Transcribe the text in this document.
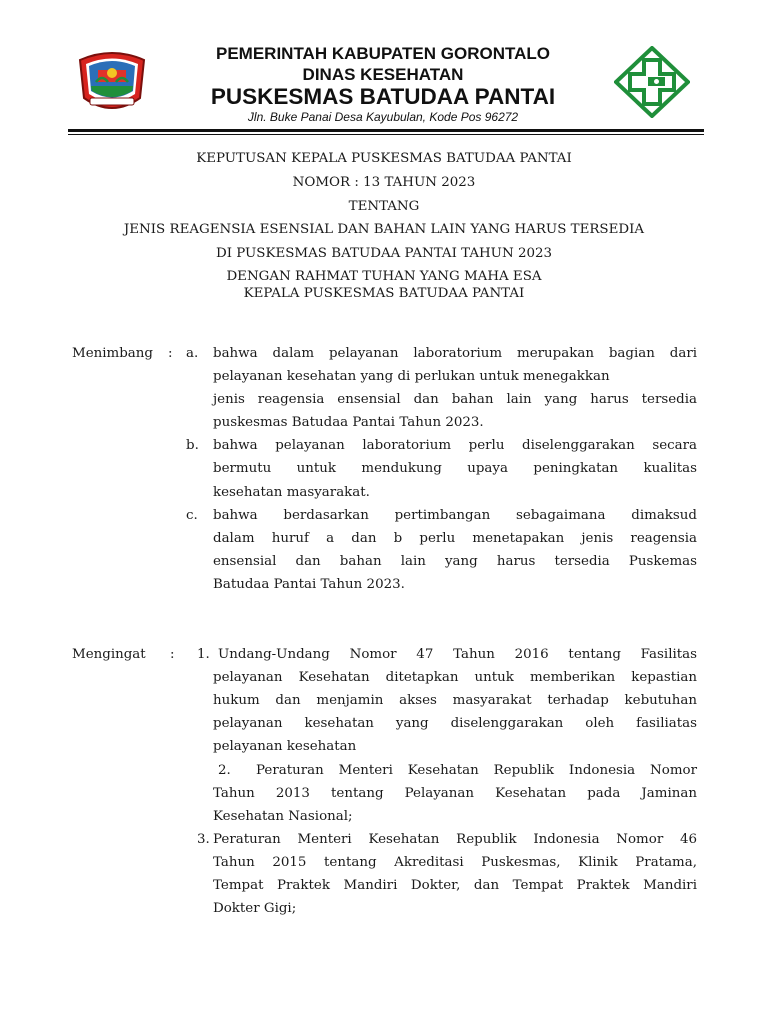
PEMERINTAH KABUPATEN GORONTALO
DINAS KESEHATAN
PUSKESMAS BATUDAA PANTAI
Jln. Buke Panai Desa Kayubulan, Kode Pos 96272
KEPUTUSAN KEPALA PUSKESMAS BATUDAA PANTAI
NOMOR : 13 TAHUN 2023
TENTANG
JENIS REAGENSIA ESENSIAL DAN BAHAN LAIN YANG HARUS TERSEDIA
DI PUSKESMAS BATUDAA PANTAI TAHUN 2023
DENGAN RAHMAT TUHAN YANG MAHA ESA
KEPALA PUSKESMAS BATUDAA PANTAI
Menimbang : a. bahwa dalam pelayanan laboratorium merupakan bagian dari
pelayanan kesehatan yang di perlukan untuk menegakkan
jenis reagensia ensensial dan bahan lain yang harus tersedia
puskesmas Batudaa Pantai Tahun 2023.
b. bahwa pelayanan laboratorium perlu diselenggarakan secara
bermutu untuk mendukung upaya peningkatan kualitas
kesehatan masyarakat.
c. bahwa berdasarkan pertimbangan sebagaimana dimaksud
dalam huruf a dan b perlu menetapakan jenis reagensia
ensensial dan bahan lain yang harus tersedia Puskemas
Batudaa Pantai Tahun 2023.
Mengingat : 1. Undang-Undang Nomor 47 Tahun 2016 tentang Fasilitas
pelayanan Kesehatan ditetapkan untuk memberikan kepastian
hukum dan menjamin akses masyarakat terhadap kebutuhan
pelayanan kesehatan yang diselenggarakan oleh fasiliatas
pelayanan kesehatan
2. Peraturan Menteri Kesehatan Republik Indonesia Nomor
Tahun 2013 tentang Pelayanan Kesehatan pada Jaminan
Kesehatan Nasional;
3. Peraturan Menteri Kesehatan Republik Indonesia Nomor 46
Tahun 2015 tentang Akreditasi Puskesmas, Klinik Pratama,
Tempat Praktek Mandiri Dokter, dan Tempat Praktek Mandiri
Dokter Gigi;
